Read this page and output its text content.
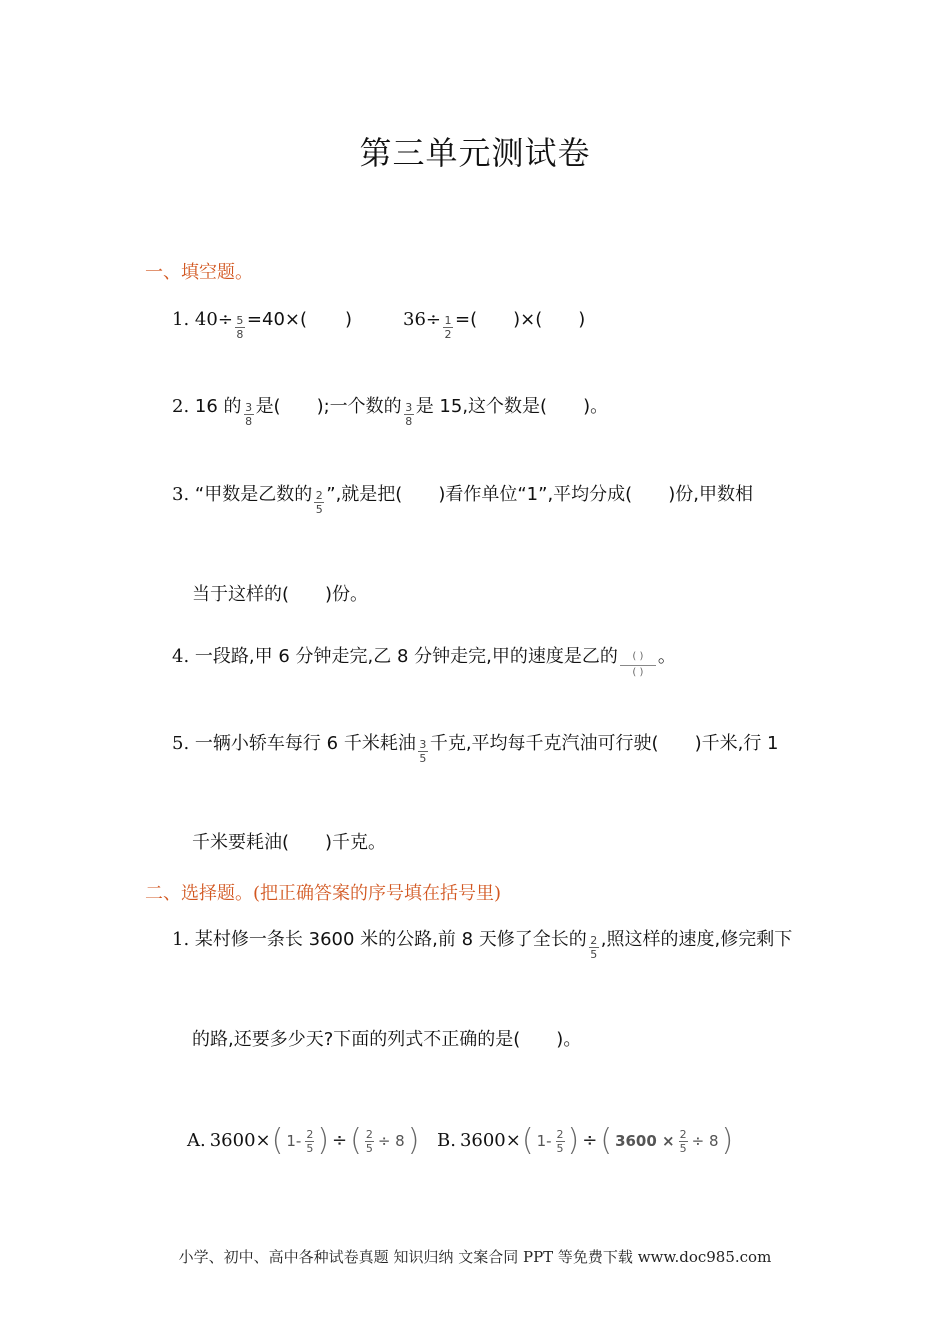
第三单元测试卷
一、填空题。
1. $40\div \frac{5}{8} =40\times$( )	$36\div \frac{1}{2}$ =( )×( )
2. 16 的 $\frac{3}{8}$ 是( );一个数的 $\frac{3}{8}$ 是 15,这个数是( )。
3. “甲数是乙数的 $\frac{2}{5}$ ”,就是把( )看作单位“1”,平均分成( )份,甲数相
当于这样的( )份。
4. 一段路,甲 6 分钟走完,乙 8 分钟走完,甲的速度是乙的	( )
( )
。
5. 一辆小轿车每行 6 千米耗油 $\frac{3}{5}$ 千克,平均每千克汽油可行驶( )千米,行 1
千米要耗油( )千克。
二、选择题。(把正确答案的序号填在括号里)
1. 某村修一条长 3600 米的公路,前 8 天修了全长的 $\frac{2}{5}$ ,照这样的速度,修完剩下
的路,还要多少天?下面的列式不正确的是( )。
A. 3600× ( 1- 2
5 ) ÷ ( 2
5 ÷ 8 ) B. 3600× ( 1- 2
5 ) ÷ ( 3600 × 2
5 ÷ 8 )
小学、初中、高中各种试卷真题 知识归纳 文案合同 PPT 等免费下载 www.doc985.com
